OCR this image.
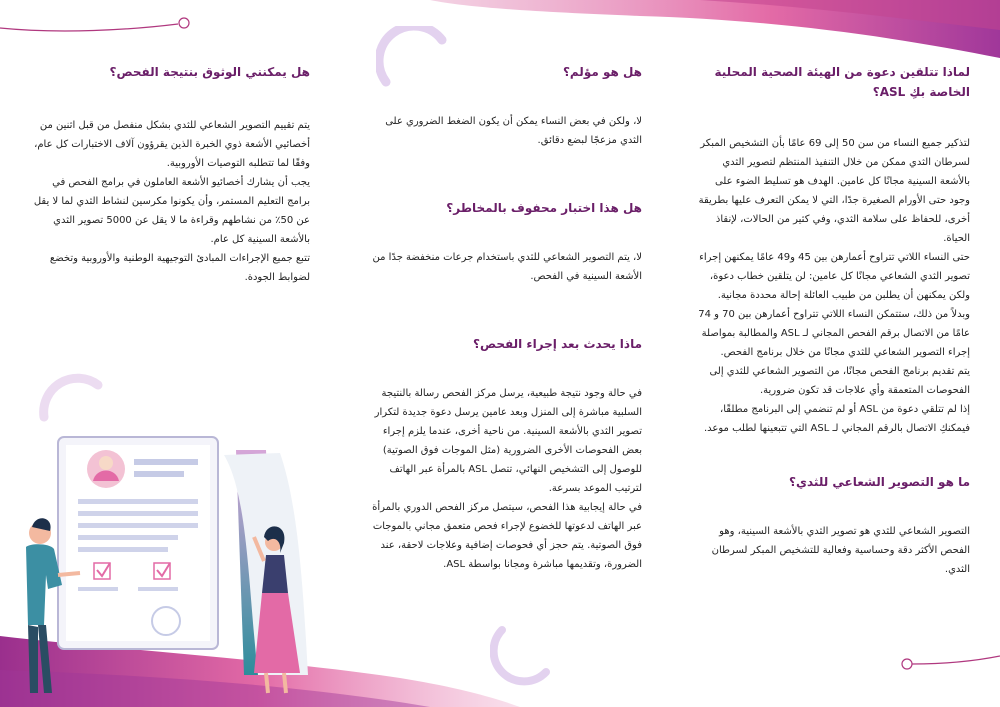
لماذا تتلقين دعوة من الهيئة الصحية المحلية الخاصة بكِ ASL؟

لتذكير جميع النساء من سن 50 إلى 69 عامًا بأن التشخيص المبكر لسرطان الثدي ممكن من خلال التنفيذ المنتظم لتصوير الثدي بالأشعة السينية مجانًا كل عامين. الهدف هو تسليط الضوء على وجود حتى الأورام الصغيرة جدًا، التي لا يمكن التعرف عليها بطريقة أخرى، للحفاظ على سلامة الثدي، وفي كثير من الحالات، لإنقاذ الحياة.
حتى النساء اللاتي تتراوح أعمارهن بين 45 و49 عامًا يمكنهن إجراء تصوير الثدي الشعاعي مجانًا كل عامين: لن يتلقين خطاب دعوة، ولكن يمكنهن أن يطلبن من طبيب العائلة إحالة محددة مجانية.
وبدلاً من ذلك، ستتمكن النساء اللاتي تتراوح أعمارهن بين 70 و 74 عامًا من الاتصال برقم الفحص المجاني لـ ASL والمطالبة بمواصلة إجراء التصوير الشعاعي للثدي مجانًا من خلال برنامج الفحص.
يتم تقديم برنامج الفحص مجانًا، من التصوير الشعاعي للثدي إلى الفحوصات المتعمقة وأي علاجات قد تكون ضرورية.
إذا لم تتلقي دعوة من ASL أو لم تنضمي إلى البرنامج مطلقًا، فيمكنكِ الاتصال بالرقم المجاني لـ ASL التي تتبعينها لطلب موعد.

ما هو التصوير الشعاعي للثدي؟

التصوير الشعاعي للثدي هو تصوير الثدي بالأشعة السينية، وهو الفحص الأكثر دقة وحساسية وفعالية للتشخيص المبكر لسرطان الثدي.

هل هو مؤلم؟

لا، ولكن في بعض النساء يمكن أن يكون الضغط الضروري على الثدي مزعجًا لبضع دقائق.

هل هذا اختبار محفوف بالمخاطر؟

لا، يتم التصوير الشعاعي للثدي باستخدام جرعات منخفضة جدًا من الأشعة السينية في الفحص.

ماذا يحدث بعد إجراء الفحص؟

في حالة وجود نتيجة طبيعية، يرسل مركز الفحص رسالة بالنتيجة السلبية مباشرة إلى المنزل وبعد عامين يرسل دعوة جديدة لتكرار تصوير الثدي بالأشعة السينية. من ناحية أخرى، عندما يلزم إجراء بعض الفحوصات الأخرى الضرورية (مثل الموجات فوق الصوتية) للوصول إلى التشخيص النهائي، تتصل ASL بالمرأة عبر الهاتف لترتيب الموعد بسرعة.
في حالة إيجابية هذا الفحص، سيتصل مركز الفحص الدوري بالمرأة عبر الهاتف لدعوتها للخضوع لإجراء فحص متعمق مجاني بالموجات فوق الصوتية. يتم حجز أي فحوصات إضافية وعلاجات لاحقة، عند الضرورة، وتقديمها مباشرة ومجانا بواسطة ASL.

هل يمكنني الوثوق بنتيجة الفحص؟

يتم تقييم التصوير الشعاعي للثدي بشكل منفصل من قبل اثنين من أخصائيي الأشعة ذوي الخبرة الذين يقرؤون آلاف الاختبارات كل عام، وفقًا لما تتطلبه التوصيات الأوروبية.
يجب أن يشارك أخصائيو الأشعة العاملون في برامج الفحص في برامج التعليم المستمر، وأن يكونوا مكرسين لنشاط الثدي لما لا يقل عن 50٪ من نشاطهم وقراءة ما لا يقل عن 5000 تصوير الثدي بالأشعة السينية كل عام.
تتبع جميع الإجراءات المبادئ التوجيهية الوطنية والأوروبية وتخضع لضوابط الجودة.
